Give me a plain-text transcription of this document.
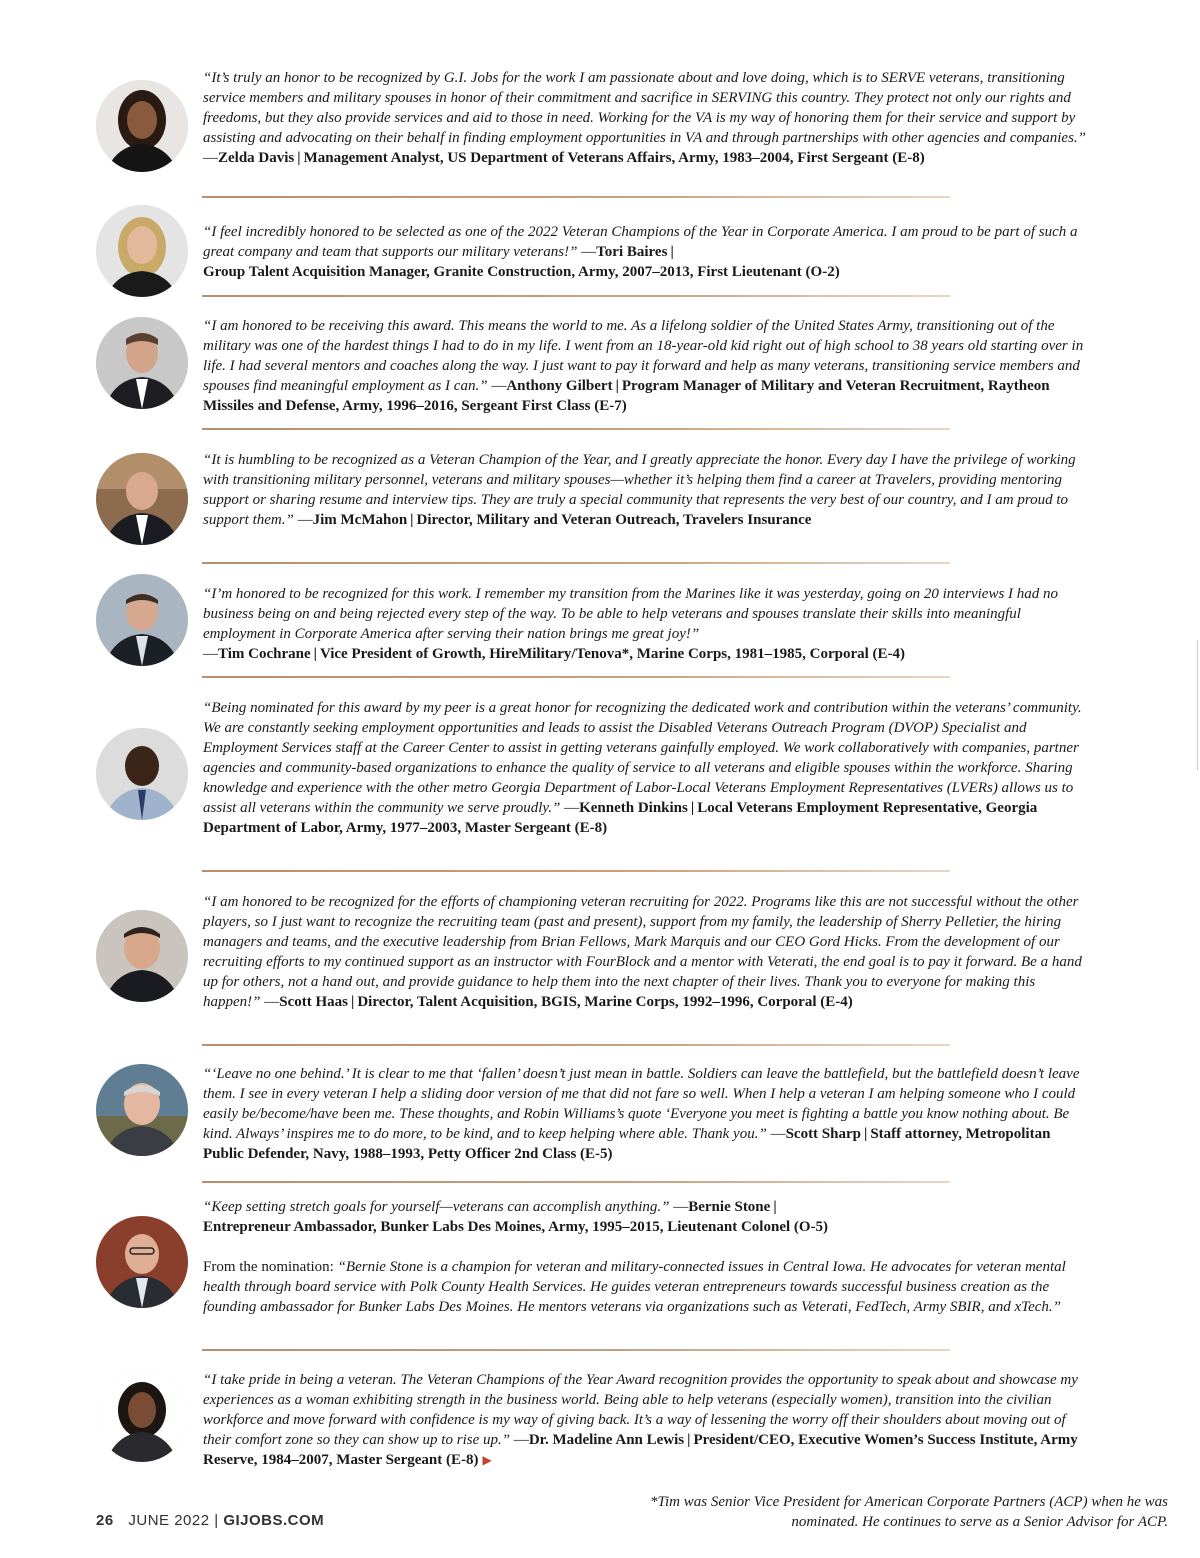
“It’s truly an honor to be recognized by G.I. Jobs for the work I am passionate about and love doing, which is to SERVE veterans, transitioning service members and military spouses in honor of their commitment and sacrifice in SERVING this country. They protect not only our rights and freedoms, but they also provide services and aid to those in need. Working for the VA is my way of honoring them for their service and support by assisting and advocating on their behalf in finding employment opportunities in VA and through partnerships with other agencies and companies.”
—Zelda Davis | Management Analyst, US Department of Veterans Affairs, Army, 1983–2004, First Sergeant (E-8)
“I feel incredibly honored to be selected as one of the 2022 Veteran Champions of the Year in Corporate America. I am proud to be part of such a great company and team that supports our military veterans!” —Tori Baires |
Group Talent Acquisition Manager, Granite Construction, Army, 2007–2013, First Lieutenant (O-2)
“I am honored to be receiving this award. This means the world to me. As a lifelong soldier of the United States Army, transitioning out of the military was one of the hardest things I had to do in my life. I went from an 18-year-old kid right out of high school to 38 years old starting over in life. I had several mentors and coaches along the way. I just want to pay it forward and help as many veterans, transitioning service members and spouses find meaningful employment as I can.” —Anthony Gilbert | Program Manager of Military and Veteran Recruitment, Raytheon Missiles and Defense, Army, 1996–2016, Sergeant First Class (E-7)
“It is humbling to be recognized as a Veteran Champion of the Year, and I greatly appreciate the honor. Every day I have the privilege of working with transitioning military personnel, veterans and military spouses—whether it’s helping them find a career at Travelers, providing mentoring support or sharing resume and interview tips. They are truly a special community that represents the very best of our country, and I am proud to support them.” —Jim McMahon | Director, Military and Veteran Outreach, Travelers Insurance
“I’m honored to be recognized for this work. I remember my transition from the Marines like it was yesterday, going on 20 interviews I had no business being on and being rejected every step of the way. To be able to help veterans and spouses translate their skills into meaningful employment in Corporate America after serving their nation brings me great joy!”
—Tim Cochrane | Vice President of Growth, HireMilitary/Tenova*, Marine Corps, 1981–1985, Corporal (E-4)
“Being nominated for this award by my peer is a great honor for recognizing the dedicated work and contribution within the veterans’ community. We are constantly seeking employment opportunities and leads to assist the Disabled Veterans Outreach Program (DVOP) Specialist and Employment Services staff at the Career Center to assist in getting veterans gainfully employed. We work collaboratively with companies, partner agencies and community-based organizations to enhance the quality of service to all veterans and eligible spouses within the workforce. Sharing knowledge and experience with the other metro Georgia Department of Labor-Local Veterans Employment Representatives (LVERs) allows us to assist all veterans within the community we serve proudly.” —Kenneth Dinkins | Local Veterans Employment Representative, Georgia Department of Labor, Army, 1977–2003, Master Sergeant (E-8)
“I am honored to be recognized for the efforts of championing veteran recruiting for 2022. Programs like this are not successful without the other players, so I just want to recognize the recruiting team (past and present), support from my family, the leadership of Sherry Pelletier, the hiring managers and teams, and the executive leadership from Brian Fellows, Mark Marquis and our CEO Gord Hicks. From the development of our recruiting efforts to my continued support as an instructor with FourBlock and a mentor with Veterati, the end goal is to pay it forward. Be a hand up for others, not a hand out, and provide guidance to help them into the next chapter of their lives. Thank you to everyone for making this happen!” —Scott Haas | Director, Talent Acquisition, BGIS, Marine Corps, 1992–1996, Corporal (E-4)
“‘Leave no one behind.’ It is clear to me that ‘fallen’ doesn’t just mean in battle. Soldiers can leave the battlefield, but the battlefield doesn’t leave them. I see in every veteran I help a sliding door version of me that did not fare so well. When I help a veteran I am helping someone who I could easily be/become/have been me. These thoughts, and Robin Williams’s quote ‘Everyone you meet is fighting a battle you know nothing about. Be kind. Always’ inspires me to do more, to be kind, and to keep helping where able. Thank you.” —Scott Sharp | Staff attorney, Metropolitan Public Defender, Navy, 1988–1993, Petty Officer 2nd Class (E-5)
“Keep setting stretch goals for yourself—veterans can accomplish anything.” —Bernie Stone |
Entrepreneur Ambassador, Bunker Labs Des Moines, Army, 1995–2015, Lieutenant Colonel (O-5)

From the nomination: “Bernie Stone is a champion for veteran and military-connected issues in Central Iowa. He advocates for veteran mental health through board service with Polk County Health Services. He guides veteran entrepreneurs towards successful business creation as the founding ambassador for Bunker Labs Des Moines. He mentors veterans via organizations such as Veterati, FedTech, Army SBIR, and xTech.”
“I take pride in being a veteran. The Veteran Champions of the Year Award recognition provides the opportunity to speak about and showcase my experiences as a woman exhibiting strength in the business world. Being able to help veterans (especially women), transition into the civilian workforce and move forward with confidence is my way of giving back. It’s a way of lessening the worry off their shoulders about moving out of their comfort zone so they can show up to rise up.” —Dr. Madeline Ann Lewis | President/CEO, Executive Women’s Success Institute, Army Reserve, 1984–2007, Master Sergeant (E-8) ▶
26 JUNE 2022 | GIJOBS.COM
*Tim was Senior Vice President for American Corporate Partners (ACP) when he was nominated. He continues to serve as a Senior Advisor for ACP.
